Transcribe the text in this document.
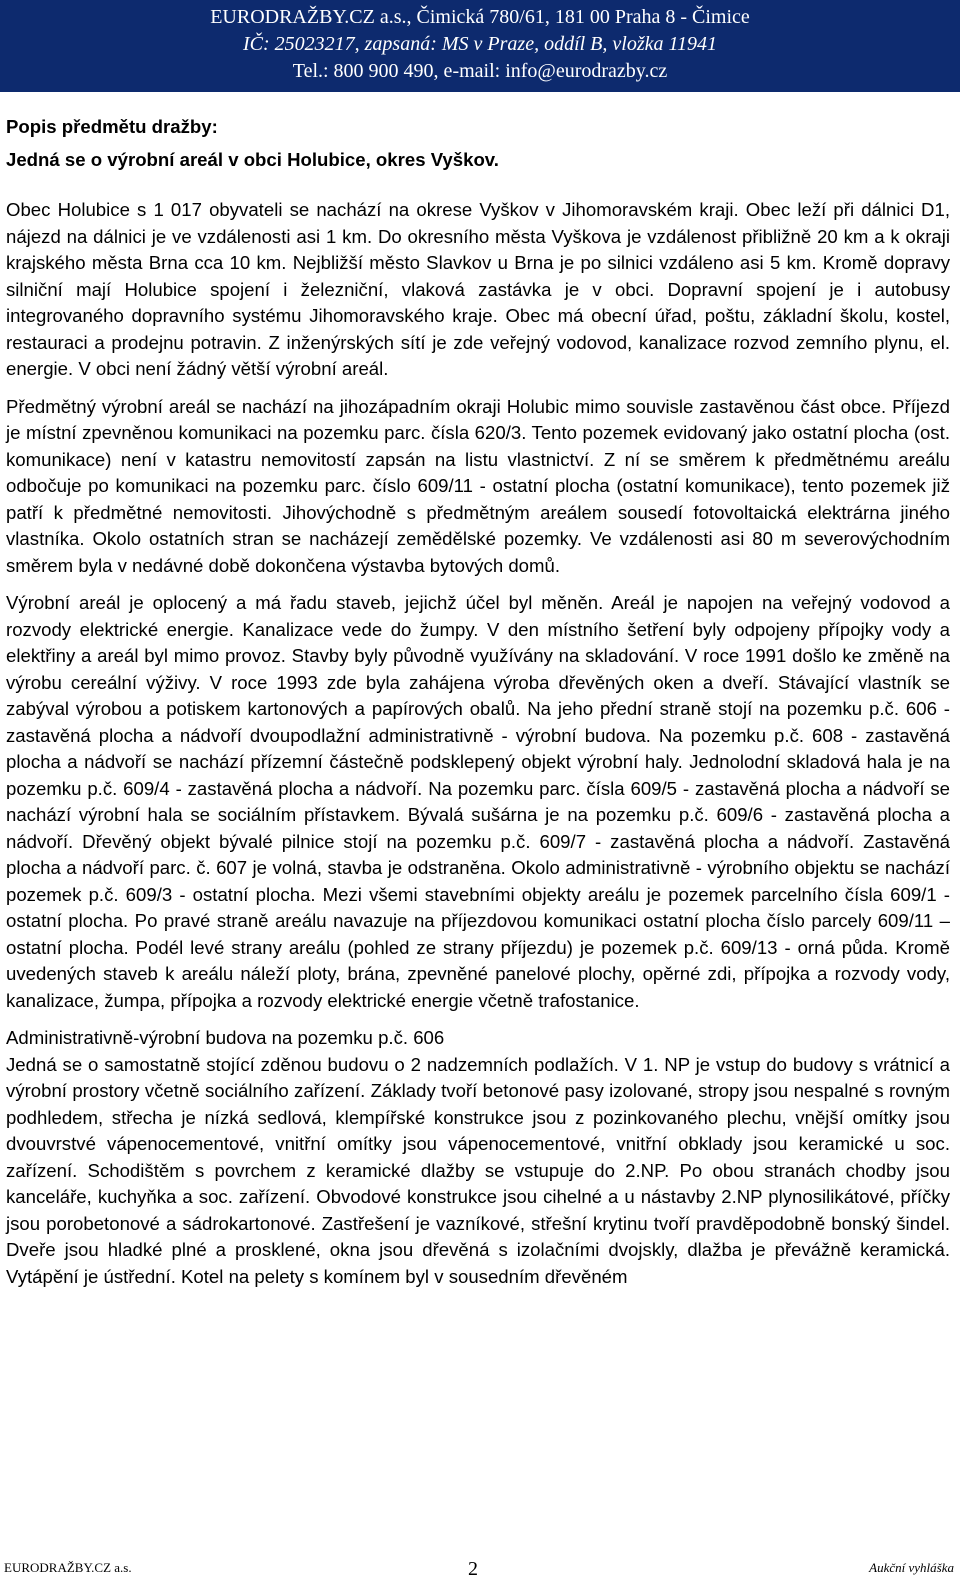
EURODRAŽBY.CZ a.s., Čimická 780/61, 181 00 Praha 8 - Čimice
IČ: 25023217, zapsaná: MS v Praze, oddíl B, vložka 11941
Tel.: 800 900 490, e-mail: info@eurodrazby.cz

Popis předmětu dražby:

Jedná se o výrobní areál v obci Holubice, okres Vyškov.

Obec Holubice s 1 017 obyvateli se nachází na okrese Vyškov v Jihomoravském kraji. Obec leží při dálnici D1, nájezd na dálnici je ve vzdálenosti asi 1 km. Do okresního města Vyškova je vzdálenost přibližně 20 km a k okraji krajského města Brna cca 10 km. Nejbližší město Slavkov u Brna je po silnici vzdáleno asi 5 km. Kromě dopravy silniční mají Holubice spojení i železniční, vlaková zastávka je v obci. Dopravní spojení je i autobusy integrovaného dopravního systému Jihomoravského kraje. Obec má obecní úřad, poštu, základní školu, kostel, restauraci a prodejnu potravin. Z inženýrských sítí je zde veřejný vodovod, kanalizace rozvod zemního plynu, el. energie. V obci není žádný větší výrobní areál.

Předmětný výrobní areál se nachází na jihozápadním okraji Holubic mimo souvisle zastavěnou část obce. Příjezd je místní zpevněnou komunikaci na pozemku parc. čísla 620/3. Tento pozemek evidovaný jako ostatní plocha (ost. komunikace) není v katastru nemovitostí zapsán na listu vlastnictví. Z ní se směrem k předmětnému areálu odbočuje po komunikaci na pozemku parc. číslo 609/11 - ostatní plocha (ostatní komunikace), tento pozemek již patří k předmětné nemovitosti. Jihovýchodně s předmětným areálem sousedí fotovoltaická elektrárna jiného vlastníka. Okolo ostatních stran se nacházejí zemědělské pozemky. Ve vzdálenosti asi 80 m severovýchodním směrem byla v nedávné době dokončena výstavba bytových domů.

Výrobní areál je oplocený a má řadu staveb, jejichž účel byl měněn. Areál je napojen na veřejný vodovod a rozvody elektrické energie. Kanalizace vede do žumpy. V den místního šetření byly odpojeny přípojky vody a elektřiny a areál byl mimo provoz. Stavby byly původně využívány na skladování. V roce 1991 došlo ke změně na výrobu cereální výživy. V roce 1993 zde byla zahájena výroba dřevěných oken a dveří. Stávající vlastník se zabýval výrobou a potiskem kartonových a papírových obalů. Na jeho přední straně stojí na pozemku p.č. 606 - zastavěná plocha a nádvoří dvoupodlažní administrativně - výrobní budova. Na pozemku p.č. 608 - zastavěná plocha a nádvoří se nachází přízemní částečně podsklepený objekt výrobní haly. Jednolodní skladová hala je na pozemku p.č. 609/4 - zastavěná plocha a nádvoří. Na pozemku parc. čísla 609/5 - zastavěná plocha a nádvoří se nachází výrobní hala se sociálním přístavkem. Bývalá sušárna je na pozemku p.č. 609/6 - zastavěná plocha a nádvoří. Dřevěný objekt bývalé pilnice stojí na pozemku p.č. 609/7 - zastavěná plocha a nádvoří. Zastavěná plocha a nádvoří parc. č. 607 je volná, stavba je odstraněna. Okolo administrativně - výrobního objektu se nachází pozemek p.č. 609/3 - ostatní plocha. Mezi všemi stavebními objekty areálu je pozemek parcelního čísla 609/1 - ostatní plocha. Po pravé straně areálu navazuje na příjezdovou komunikaci ostatní plocha číslo parcely 609/11 – ostatní plocha. Podél levé strany areálu (pohled ze strany příjezdu) je pozemek p.č. 609/13 - orná půda. Kromě uvedených staveb k areálu náleží ploty, brána, zpevněné panelové plochy, opěrné zdi, přípojka a rozvody vody, kanalizace, žumpa, přípojka a rozvody elektrické energie včetně trafostanice.

Administrativně-výrobní budova na pozemku p.č. 606

Jedná se o samostatně stojící zděnou budovu o 2 nadzemních podlažích. V 1. NP je vstup do budovy s vrátnicí a výrobní prostory včetně sociálního zařízení. Základy tvoří betonové pasy izolované, stropy jsou nespalné s rovným podhledem, střecha je nízká sedlová, klempířské konstrukce jsou z pozinkovaného plechu, vnější omítky jsou dvouvrstvé vápenocementové, vnitřní omítky jsou vápenocementové, vnitřní obklady jsou keramické u soc. zařízení. Schodištěm s povrchem z keramické dlažby se vstupuje do 2.NP. Po obou stranách chodby jsou kanceláře, kuchyňka a soc. zařízení. Obvodové konstrukce jsou cihelné a u nástavby 2.NP plynosilikátové, příčky jsou porobetonové a sádrokartonové. Zastřešení je vazníkové, střešní krytinu tvoří pravděpodobně bonský šindel. Dveře jsou hladké plné a prosklené, okna jsou dřevěná s izolačními dvojskly, dlažba je převážně keramická. Vytápění je ústřední. Kotel na pelety s komínem byl v sousedním dřevěném

EURODRAŽBY.CZ a.s.	2	Aukční vyhláška
